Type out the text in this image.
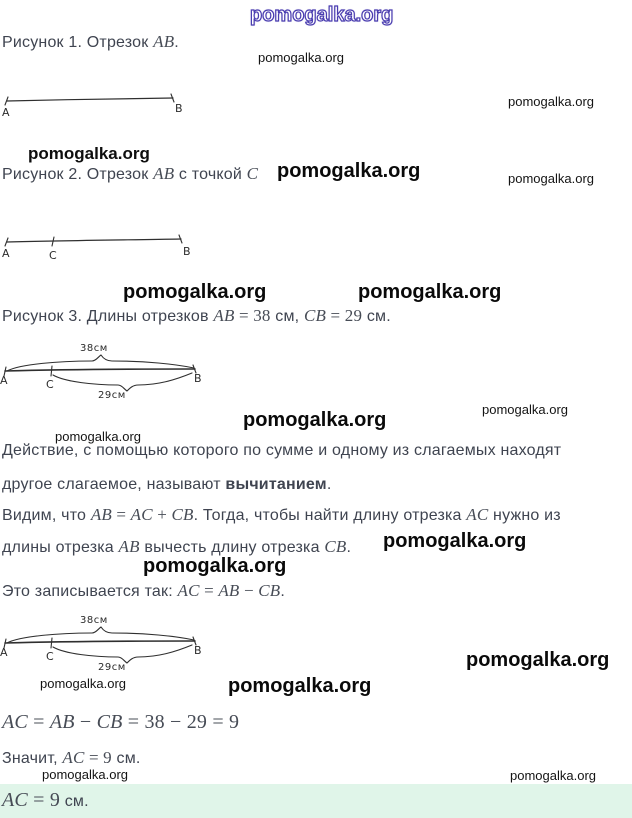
pomogalka.org
pomogalka.org
pomogalka.org
pomogalka.org
pomogalka.org	pomogalka.org
pomogalka.org	pomogalka.org
pomogalka.org
pomogalka.org
pomogalka.org
pomogalka.org
pomogalka.org
pomogalka.org
pomogalka.org	pomogalka.org
pomogalka.org	pomogalka.org
Рисунок 1. Отрезок AB.
A	B
Рисунок 2. Отрезок AB с точкой C
A	C	B
Рисунок 3. Длины отрезков AB = 38 см, CB = 29 см.
38см
29см
A	C	B
Действие, с помощью которого по сумме и одному из слагаемых находят
другое слагаемое, называют вычитанием.
Видим, что AB = AC + CB. Тогда, чтобы найти длину отрезка AC нужно из
длины отрезка AB вычесть длину отрезка CB.
Это записывается так: AC = AB − CB.
38см
29см
A	C	B
AC = AB − CB = 38 − 29 = 9
Значит, AC = 9 см.
AC = 9 см.
